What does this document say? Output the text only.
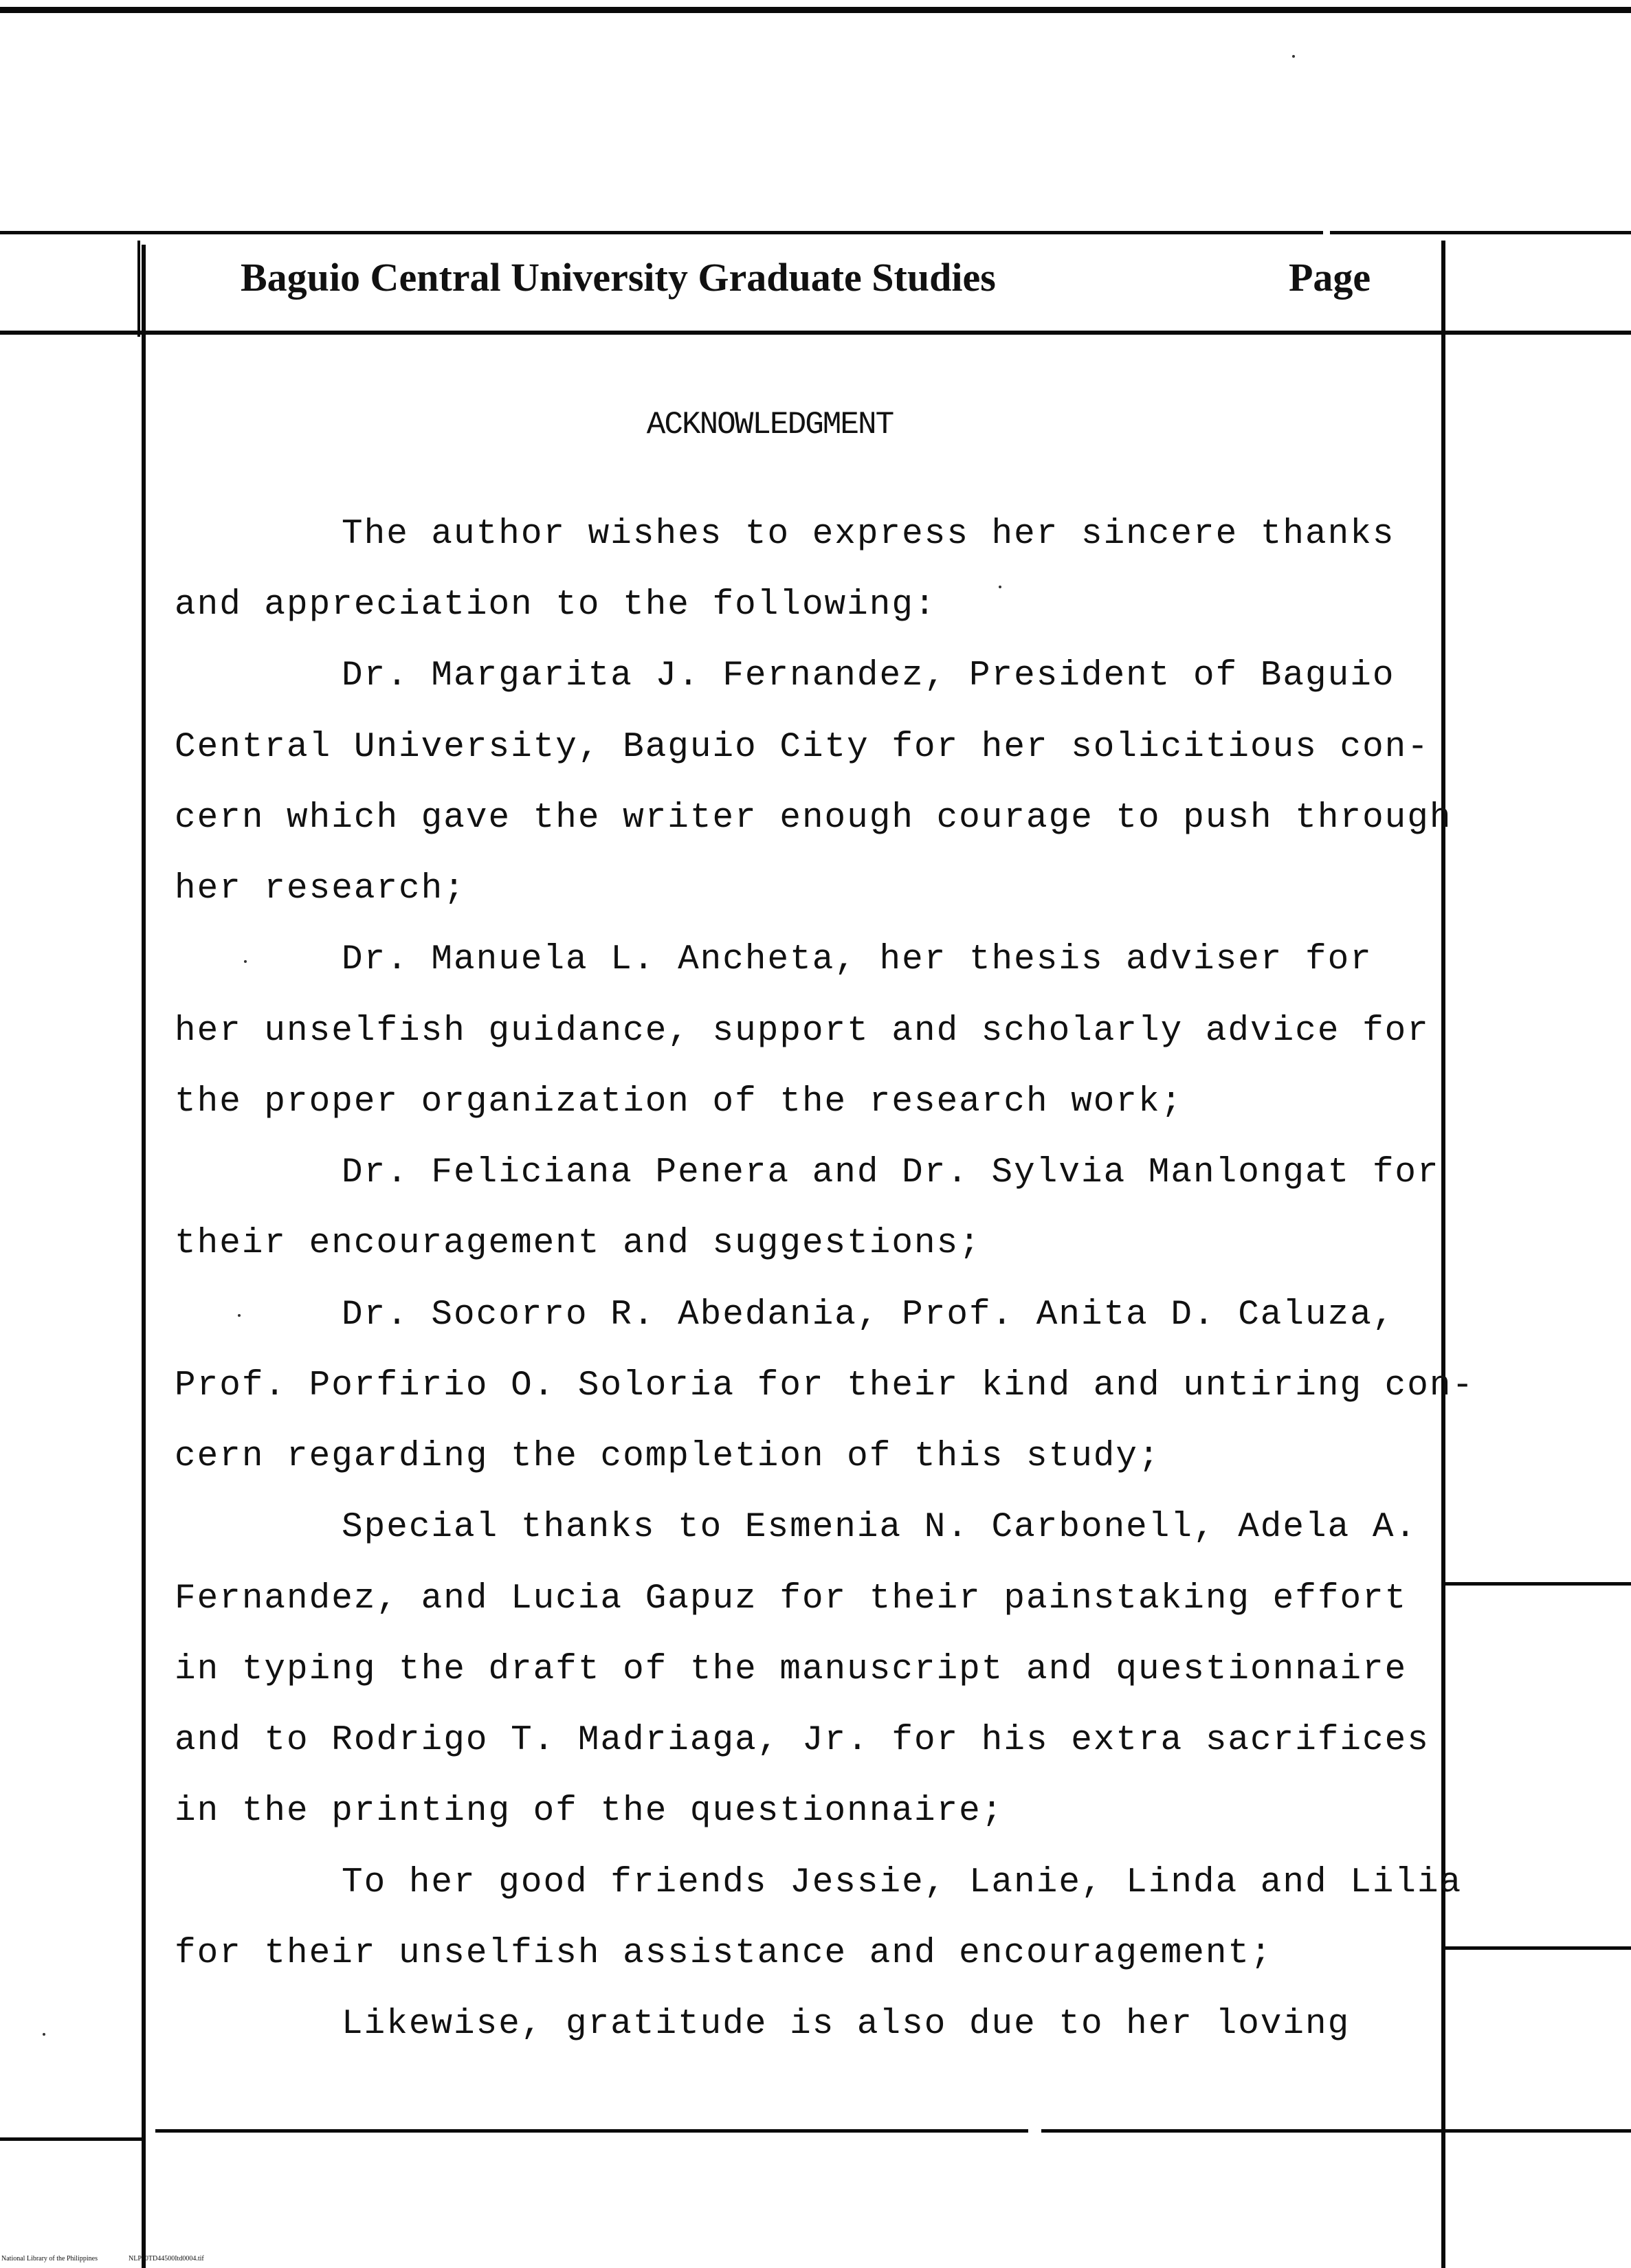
Baguio Central University Graduate Studies	Page
ACKNOWLEDGMENT
The author wishes to express her sincere thanks
and appreciation to the following:
Dr. Margarita J. Fernandez, President of Baguio
Central University, Baguio City for her solicitious con-
cern which gave the writer enough courage to push through
her research;
Dr. Manuela L. Ancheta, her thesis adviser for
her unselfish guidance, support and scholarly advice for
the proper organization of the research work;
Dr. Feliciana Penera and Dr. Sylvia Manlongat for
their encouragement and suggestions;
Dr. Socorro R. Abedania, Prof. Anita D. Caluza,
Prof. Porfirio O. Soloria for their kind and untiring con-
cern regarding the completion of this study;
Special thanks to Esmenia N. Carbonell, Adela A.
Fernandez, and Lucia Gapuz for their painstaking effort
in typing the draft of the manuscript and questionnaire
and to Rodrigo T. Madriaga, Jr. for his extra sacrifices
in the printing of the questionnaire;
To her good friends Jessie, Lanie, Linda and Lilia
for their unselfish assistance and encouragement;
Likewise, gratitude is also due to her loving
National Library of the Philippines	NLP00TD44500Itd0004.tif
